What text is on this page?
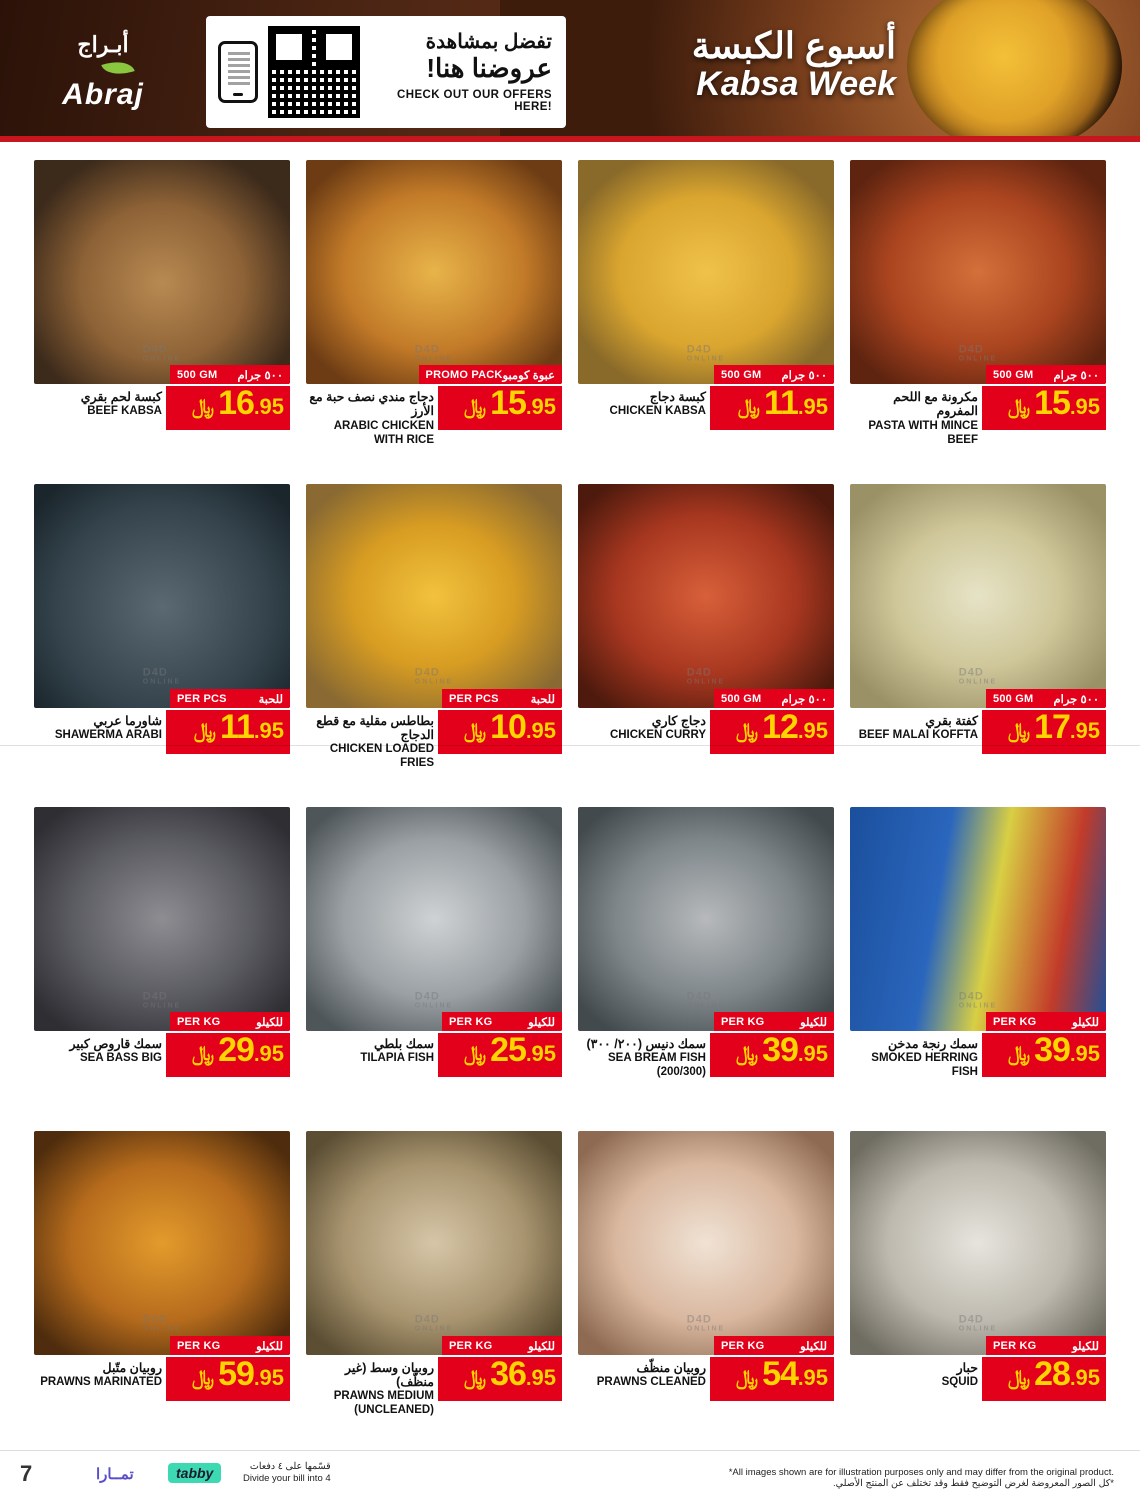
أبـراج
Abraj
تفضل بمشاهدة
عروضنا هنا!
CHECK OUT OUR OFFERS HERE!
أسبوع الكبسة
Kabsa Week
D4D
ONLINE
500 GM ٥٠٠ جرام
كبسة لحم بقري
BEEF KABSA ﷼ 16 . 95
D4D
ONLINE
PROMO PACK عبوة كومبو
دجاج مندي نصف حبة مع الأرز
ARABIC CHICKEN WITH RICE
﷼ 15 . 95
D4D
ONLINE
500 GM ٥٠٠ جرام
كبسة دجاج
CHICKEN KABSA ﷼ 11 . 95
D4D
ONLINE
500 GM ٥٠٠ جرام
مكرونة مع اللحم المفروم
PASTA WITH MINCE BEEF
﷼ 15 . 95
D4D
ONLINE
PER PCS	للحبة
شاورما عربي
SHAWERMA ARABI ﷼ 11 . 95
D4D
ONLINE
PER PCS	للحبة
بطاطس مقلية مع قطع الدجاج
CHICKEN LOADED FRIES
﷼ 10 . 95
D4D
ONLINE
500 GM ٥٠٠ جرام
دجاج كاري
CHICKEN CURRY ﷼ 12 . 95
D4D
ONLINE
500 GM ٥٠٠ جرام
كفتة بقري
BEEF MALAI KOFFTA ﷼ 17 . 95
D4D
ONLINE
PER KG	للكيلو
سمك قاروص كبير
SEA BASS BIG ﷼ 29 . 95
D4D
ONLINE
PER KG	للكيلو
سمك بلطي
TILAPIA FISH ﷼ 25 . 95
D4D
ONLINE
PER KG	للكيلو
سمك دنيس (٢٠٠/ ٣٠٠)
SEA BREAM FISH (200/300)
﷼ 39 . 95
D4D
ONLINE
PER KG	للكيلو
سمك رنجة مدخن
SMOKED HERRING FISH
﷼ 39 . 95
D4D
ONLINE
PER KG	للكيلو
روبيان متّبل
PRAWNS MARINATED ﷼ 59 . 95
D4D
ONLINE
PER KG	للكيلو
روبيان وسط (غير منظّف)
PRAWNS MEDIUM (UNCLEANED)
﷼ 36 . 95
D4D
ONLINE
PER KG	للكيلو
روبيان منظّف
PRAWNS CLEANED ﷼ 54 . 95
D4D
ONLINE
PER KG	للكيلو
حبار
SQUID ﷼ 28 . 95
7	تمــارا	tabby	قسّمها على ٤ دفعات
Divide your bill into 4
*All images shown are for illustration purposes only and may differ from the original product.
*كل الصور المعروضة لغرض التوضيح فقط وقد تختلف عن المنتج الأصلي.
